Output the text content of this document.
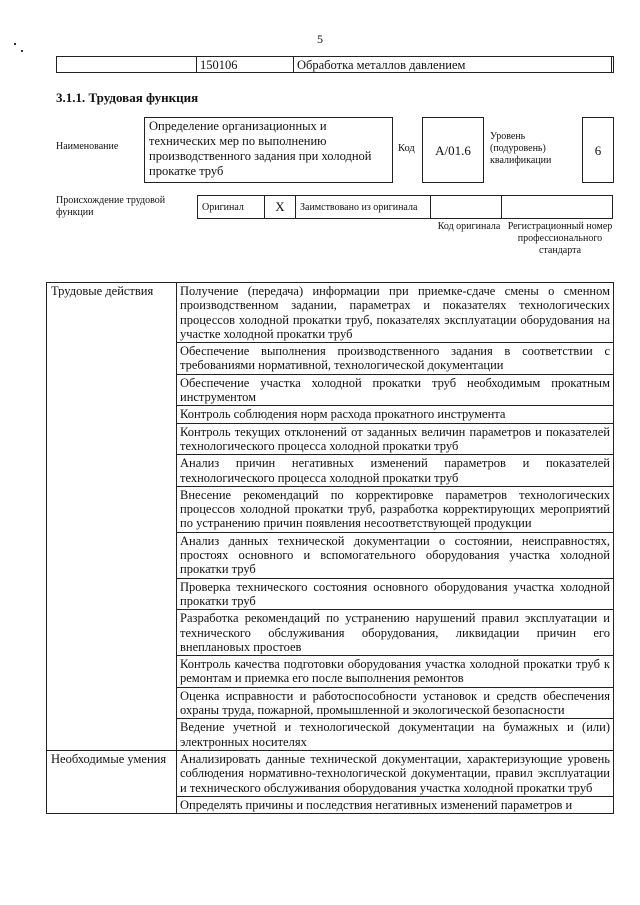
5
	150106	Обработка металлов давлением	
3.1.1. Трудовая функция
Наименование
Определение организационных и технических мер по выполнению производственного задания при холодной прокатке труб
Код	А/01.6
Уровень (подуровень) квалификации
6
Происхождение трудовой функции	Оригинал	X	Заимствовано из оригинала		
Код оригинала Регистрационный номер профессионального стандарта
Трудовые действия	Получение (передача) информации при приемке-сдаче смены о сменном производственном задании, параметрах и показателях технологических процессов холодной прокатки труб, показателях эксплуатации оборудования на участке холодной прокатки труб
	Обеспечение выполнения производственного задания в соответствии с требованиями нормативной, технологической документации
	Обеспечение участка холодной прокатки труб необходимым прокатным инструментом
	Контроль соблюдения норм расхода прокатного инструмента
	Контроль текущих отклонений от заданных величин параметров и показателей технологического процесса холодной прокатки труб
	Анализ причин негативных изменений параметров и показателей технологического процесса холодной прокатки труб
	Внесение рекомендаций по корректировке параметров технологических процессов холодной прокатки труб, разработка корректирующих мероприятий по устранению причин появления несоответствующей продукции
	Анализ данных технической документации о состоянии, неисправностях, простоях основного и вспомогательного оборудования участка холодной прокатки труб
	Проверка технического состояния основного оборудования участка холодной прокатки труб
	Разработка рекомендаций по устранению нарушений правил эксплуатации и технического обслуживания оборудования, ликвидации причин его внеплановых простоев
	Контроль качества подготовки оборудования участка холодной прокатки труб к ремонтам и приемка его после выполнения ремонтов
	Оценка исправности и работоспособности установок и средств обеспечения охраны труда, пожарной, промышленной и экологической безопасности
	Ведение учетной и технологической документации на бумажных и (или) электронных носителях
Необходимые умения	Анализировать данные технической документации, характеризующие уровень соблюдения нормативно-технологической документации, правил эксплуатации и технического обслуживания оборудования участка холодной прокатки труб
	Определять причины и последствия негативных изменений параметров и
